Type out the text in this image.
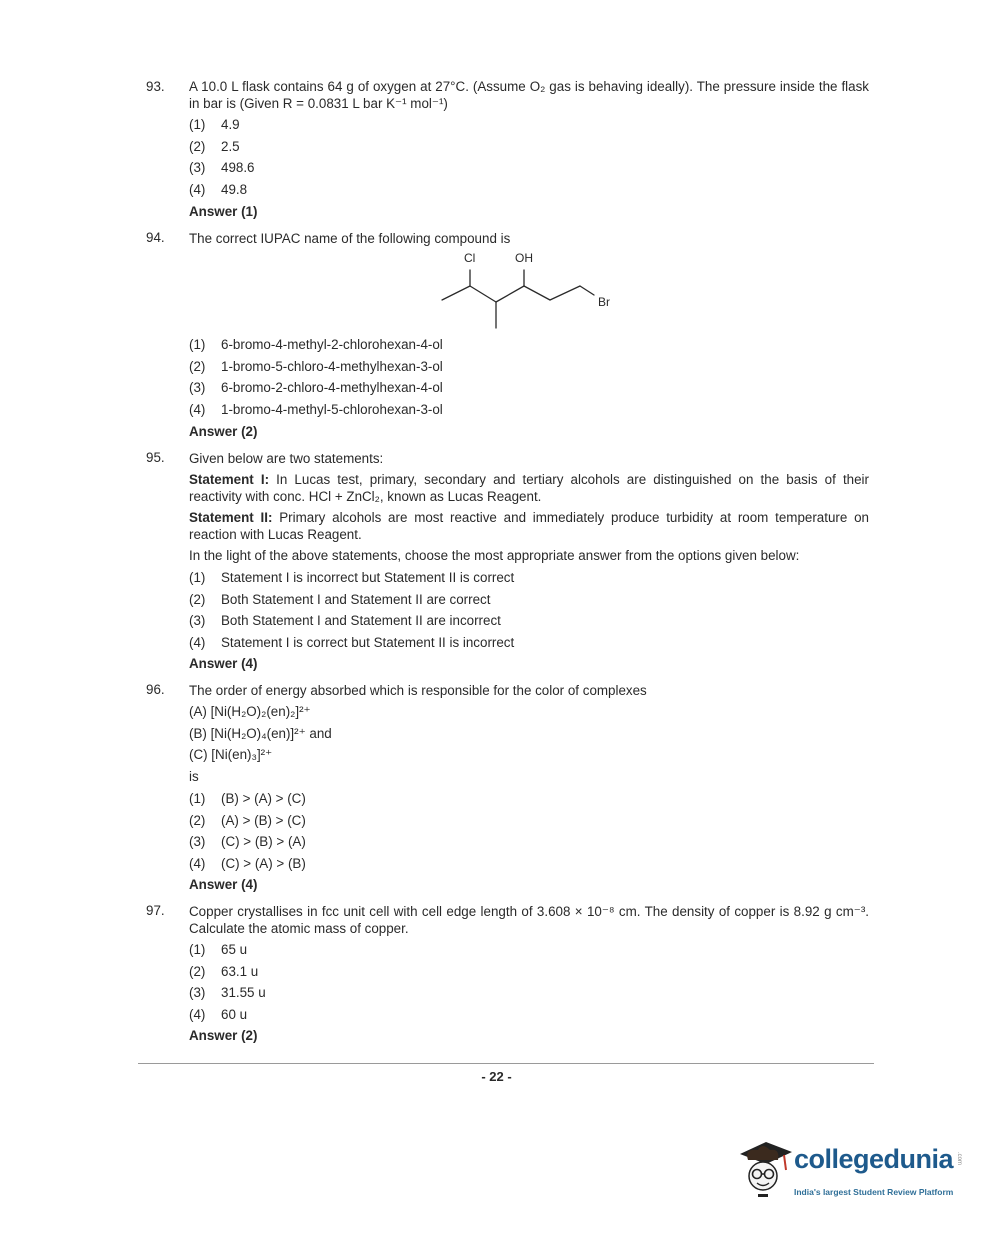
93. A 10.0 L flask contains 64 g of oxygen at 27°C. (Assume O₂ gas is behaving ideally). The pressure inside the flask in bar is (Given R = 0.0831 L bar K⁻¹ mol⁻¹)
(1) 4.9
(2) 2.5
(3) 498.6
(4) 49.8
Answer (1)
94. The correct IUPAC name of the following compound is
Cl	OH
Br
(1) 6-bromo-4-methyl-2-chlorohexan-4-ol
(2) 1-bromo-5-chloro-4-methylhexan-3-ol
(3) 6-bromo-2-chloro-4-methylhexan-4-ol
(4) 1-bromo-4-methyl-5-chlorohexan-3-ol
Answer (2)
95. Given below are two statements:
Statement I: In Lucas test, primary, secondary and tertiary alcohols are distinguished on the basis of their reactivity with conc. HCl + ZnCl₂, known as Lucas Reagent.
Statement II: Primary alcohols are most reactive and immediately produce turbidity at room temperature on reaction with Lucas Reagent.
In the light of the above statements, choose the most appropriate answer from the options given below:
(1) Statement I is incorrect but Statement II is correct
(2) Both Statement I and Statement II are correct
(3) Both Statement I and Statement II are incorrect
(4) Statement I is correct but Statement II is incorrect
Answer (4)
96. The order of energy absorbed which is responsible for the color of complexes
(A) [Ni(H₂O)₂(en)₂]²⁺
(B) [Ni(H₂O)₄(en)]²⁺ and
(C) [Ni(en)₃]²⁺
is
(1) (B) > (A) > (C)
(2) (A) > (B) > (C)
(3) (C) > (B) > (A)
(4) (C) > (A) > (B)
Answer (4)
97. Copper crystallises in fcc unit cell with cell edge length of 3.608 × 10⁻⁸ cm. The density of copper is 8.92 g cm⁻³. Calculate the atomic mass of copper.
(1) 65 u
(2) 63.1 u
(3) 31.55 u
(4) 60 u
Answer (2)
- 22 -
collegedunia .com
India's largest Student Review Platform
